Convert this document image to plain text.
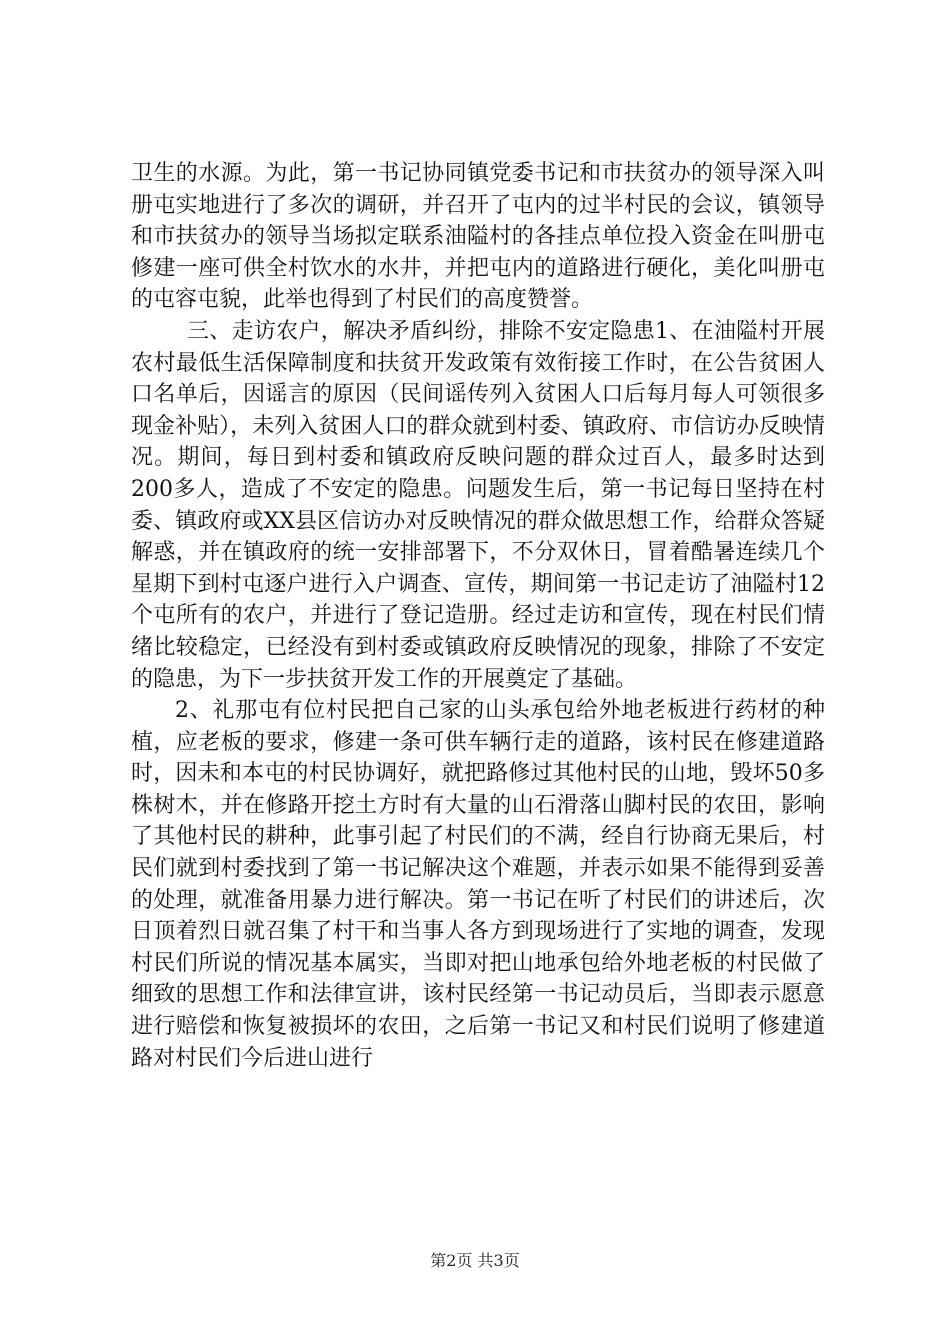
卫生的水源。为此，第一书记协同镇党委书记和市扶贫办的领导深入叫册屯实地进行了多次的调研，并召开了屯内的过半村民的会议，镇领导和市扶贫办的领导当场拟定联系油隘村的各挂点单位投入资金在叫册屯修建一座可供全村饮水的水井，并把屯内的道路进行硬化，美化叫册屯的屯容屯貌，此举也得到了村民们的高度赞誉。

三、走访农户，解决矛盾纠纷，排除不安定隐患1、在油隘村开展农村最低生活保障制度和扶贫开发政策有效衔接工作时，在公告贫困人口名单后，因谣言的原因（民间谣传列入贫困人口后每月每人可领很多现金补贴），未列入贫困人口的群众就到村委、镇政府、市信访办反映情况。期间，每日到村委和镇政府反映问题的群众过百人，最多时达到200多人，造成了不安定的隐患。问题发生后，第一书记每日坚持在村委、镇政府或XX县区信访办对反映情况的群众做思想工作，给群众答疑解惑，并在镇政府的统一安排部署下，不分双休日，冒着酷暑连续几个星期下到村屯逐户进行入户调查、宣传，期间第一书记走访了油隘村12个屯所有的农户，并进行了登记造册。经过走访和宣传，现在村民们情绪比较稳定，已经没有到村委或镇政府反映情况的现象，排除了不安定的隐患，为下一步扶贫开发工作的开展奠定了基础。

2、礼那屯有位村民把自己家的山头承包给外地老板进行药材的种植，应老板的要求，修建一条可供车辆行走的道路，该村民在修建道路时，因未和本屯的村民协调好，就把路修过其他村民的山地，毁坏50多株树木，并在修路开挖土方时有大量的山石滑落山脚村民的农田，影响了其他村民的耕种，此事引起了村民们的不满，经自行协商无果后，村民们就到村委找到了第一书记解决这个难题，并表示如果不能得到妥善的处理，就准备用暴力进行解决。第一书记在听了村民们的讲述后，次日顶着烈日就召集了村干和当事人各方到现场进行了实地的调查，发现村民们所说的情况基本属实，当即对把山地承包给外地老板的村民做了细致的思想工作和法律宣讲，该村民经第一书记动员后，当即表示愿意进行赔偿和恢复被损坏的农田，之后第一书记又和村民们说明了修建道路对村民们今后进山进行

第2页 共3页
